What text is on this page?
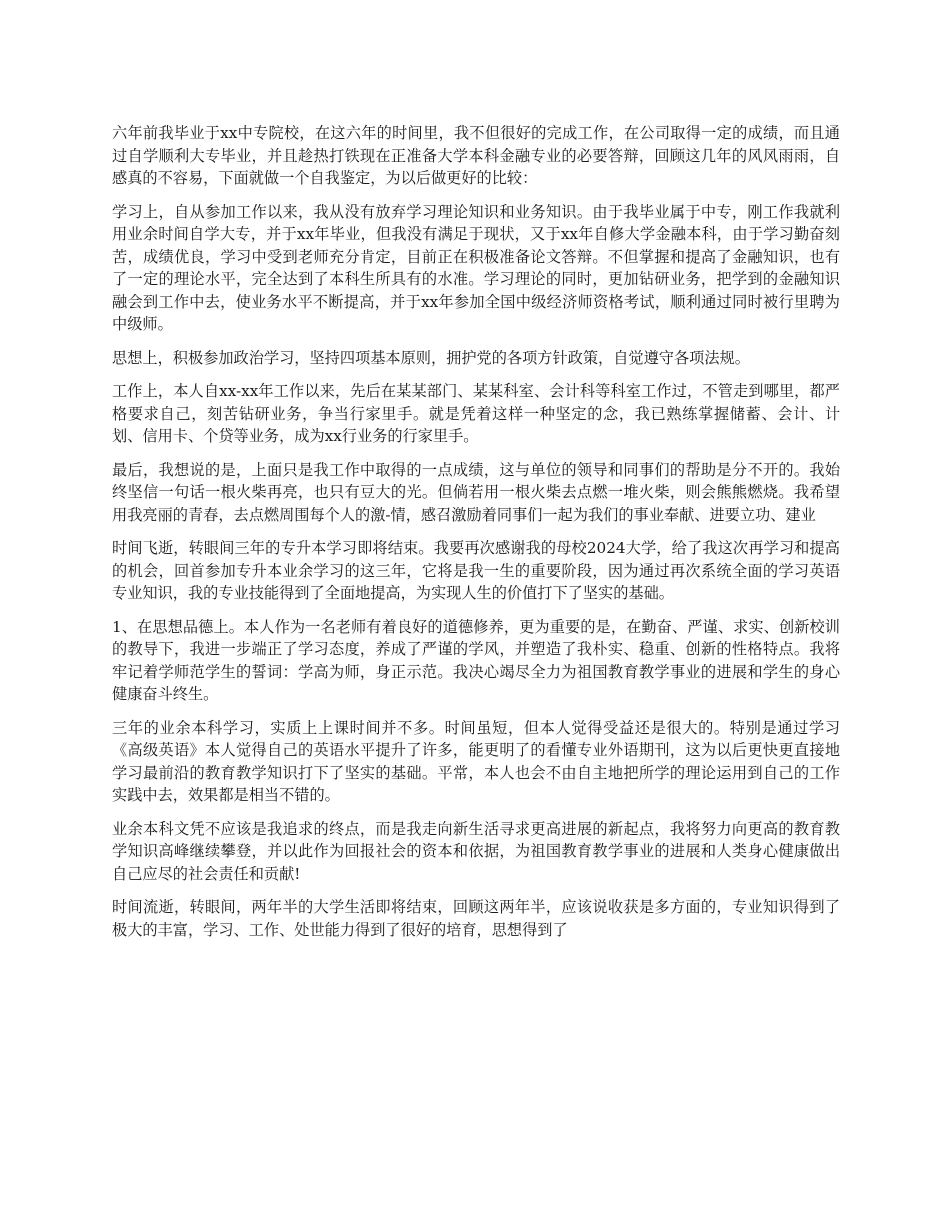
六年前我毕业于xx中专院校，在这六年的时间里，我不但很好的完成工作，在公司取得一定的成绩，而且通过自学顺利大专毕业，并且趁热打铁现在正准备大学本科金融专业的必要答辩，回顾这几年的风风雨雨，自感真的不容易，下面就做一个自我鉴定，为以后做更好的比较：

学习上，自从参加工作以来，我从没有放弃学习理论知识和业务知识。由于我毕业属于中专，刚工作我就利用业余时间自学大专，并于xx年毕业，但我没有满足于现状，又于xx年自修大学金融本科，由于学习勤奋刻苦，成绩优良，学习中受到老师充分肯定，目前正在积极准备论文答辩。不但掌握和提高了金融知识，也有了一定的理论水平，完全达到了本科生所具有的水准。学习理论的同时，更加钻研业务，把学到的金融知识融会到工作中去，使业务水平不断提高，并于xx年参加全国中级经济师资格考试，顺利通过同时被行里聘为中级师。

思想上，积极参加政治学习，坚持四项基本原则，拥护党的各项方针政策，自觉遵守各项法规。

工作上，本人自xx-xx年工作以来，先后在某某部门、某某科室、会计科等科室工作过，不管走到哪里，都严格要求自己，刻苦钻研业务，争当行家里手。就是凭着这样一种坚定的念，我已熟练掌握储蓄、会计、计划、信用卡、个贷等业务，成为xx行业务的行家里手。

最后，我想说的是，上面只是我工作中取得的一点成绩，这与单位的领导和同事们的帮助是分不开的。我始终坚信一句话一根火柴再亮，也只有豆大的光。但倘若用一根火柴去点燃一堆火柴，则会熊熊燃烧。我希望用我亮丽的青春，去点燃周围每个人的激-情，感召激励着同事们一起为我们的事业奉献、进要立功、建业

时间飞逝，转眼间三年的专升本学习即将结束。我要再次感谢我的母校2024大学，给了我这次再学习和提高的机会，回首参加专升本业余学习的这三年，它将是我一生的重要阶段，因为通过再次系统全面的学习英语专业知识，我的专业技能得到了全面地提高，为实现人生的价值打下了坚实的基础。

1、在思想品德上。本人作为一名老师有着良好的道德修养，更为重要的是，在勤奋、严谨、求实、创新校训的教导下，我进一步端正了学习态度，养成了严谨的学风，并塑造了我朴实、稳重、创新的性格特点。我将牢记着学师范学生的誓词：学高为师，身正示范。我决心竭尽全力为祖国教育教学事业的进展和学生的身心健康奋斗终生。

三年的业余本科学习，实质上上课时间并不多。时间虽短，但本人觉得受益还是很大的。特别是通过学习《高级英语》本人觉得自己的英语水平提升了许多，能更明了的看懂专业外语期刊，这为以后更快更直接地学习最前沿的教育教学知识打下了坚实的基础。平常，本人也会不由自主地把所学的理论运用到自己的工作实践中去，效果都是相当不错的。

业余本科文凭不应该是我追求的终点，而是我走向新生活寻求更高进展的新起点，我将努力向更高的教育教学知识高峰继续攀登，并以此作为回报社会的资本和依据，为祖国教育教学事业的进展和人类身心健康做出自己应尽的社会责任和贡献!

时间流逝，转眼间，两年半的大学生活即将结束，回顾这两年半，应该说收获是多方面的，专业知识得到了极大的丰富，学习、工作、处世能力得到了很好的培育，思想得到了
